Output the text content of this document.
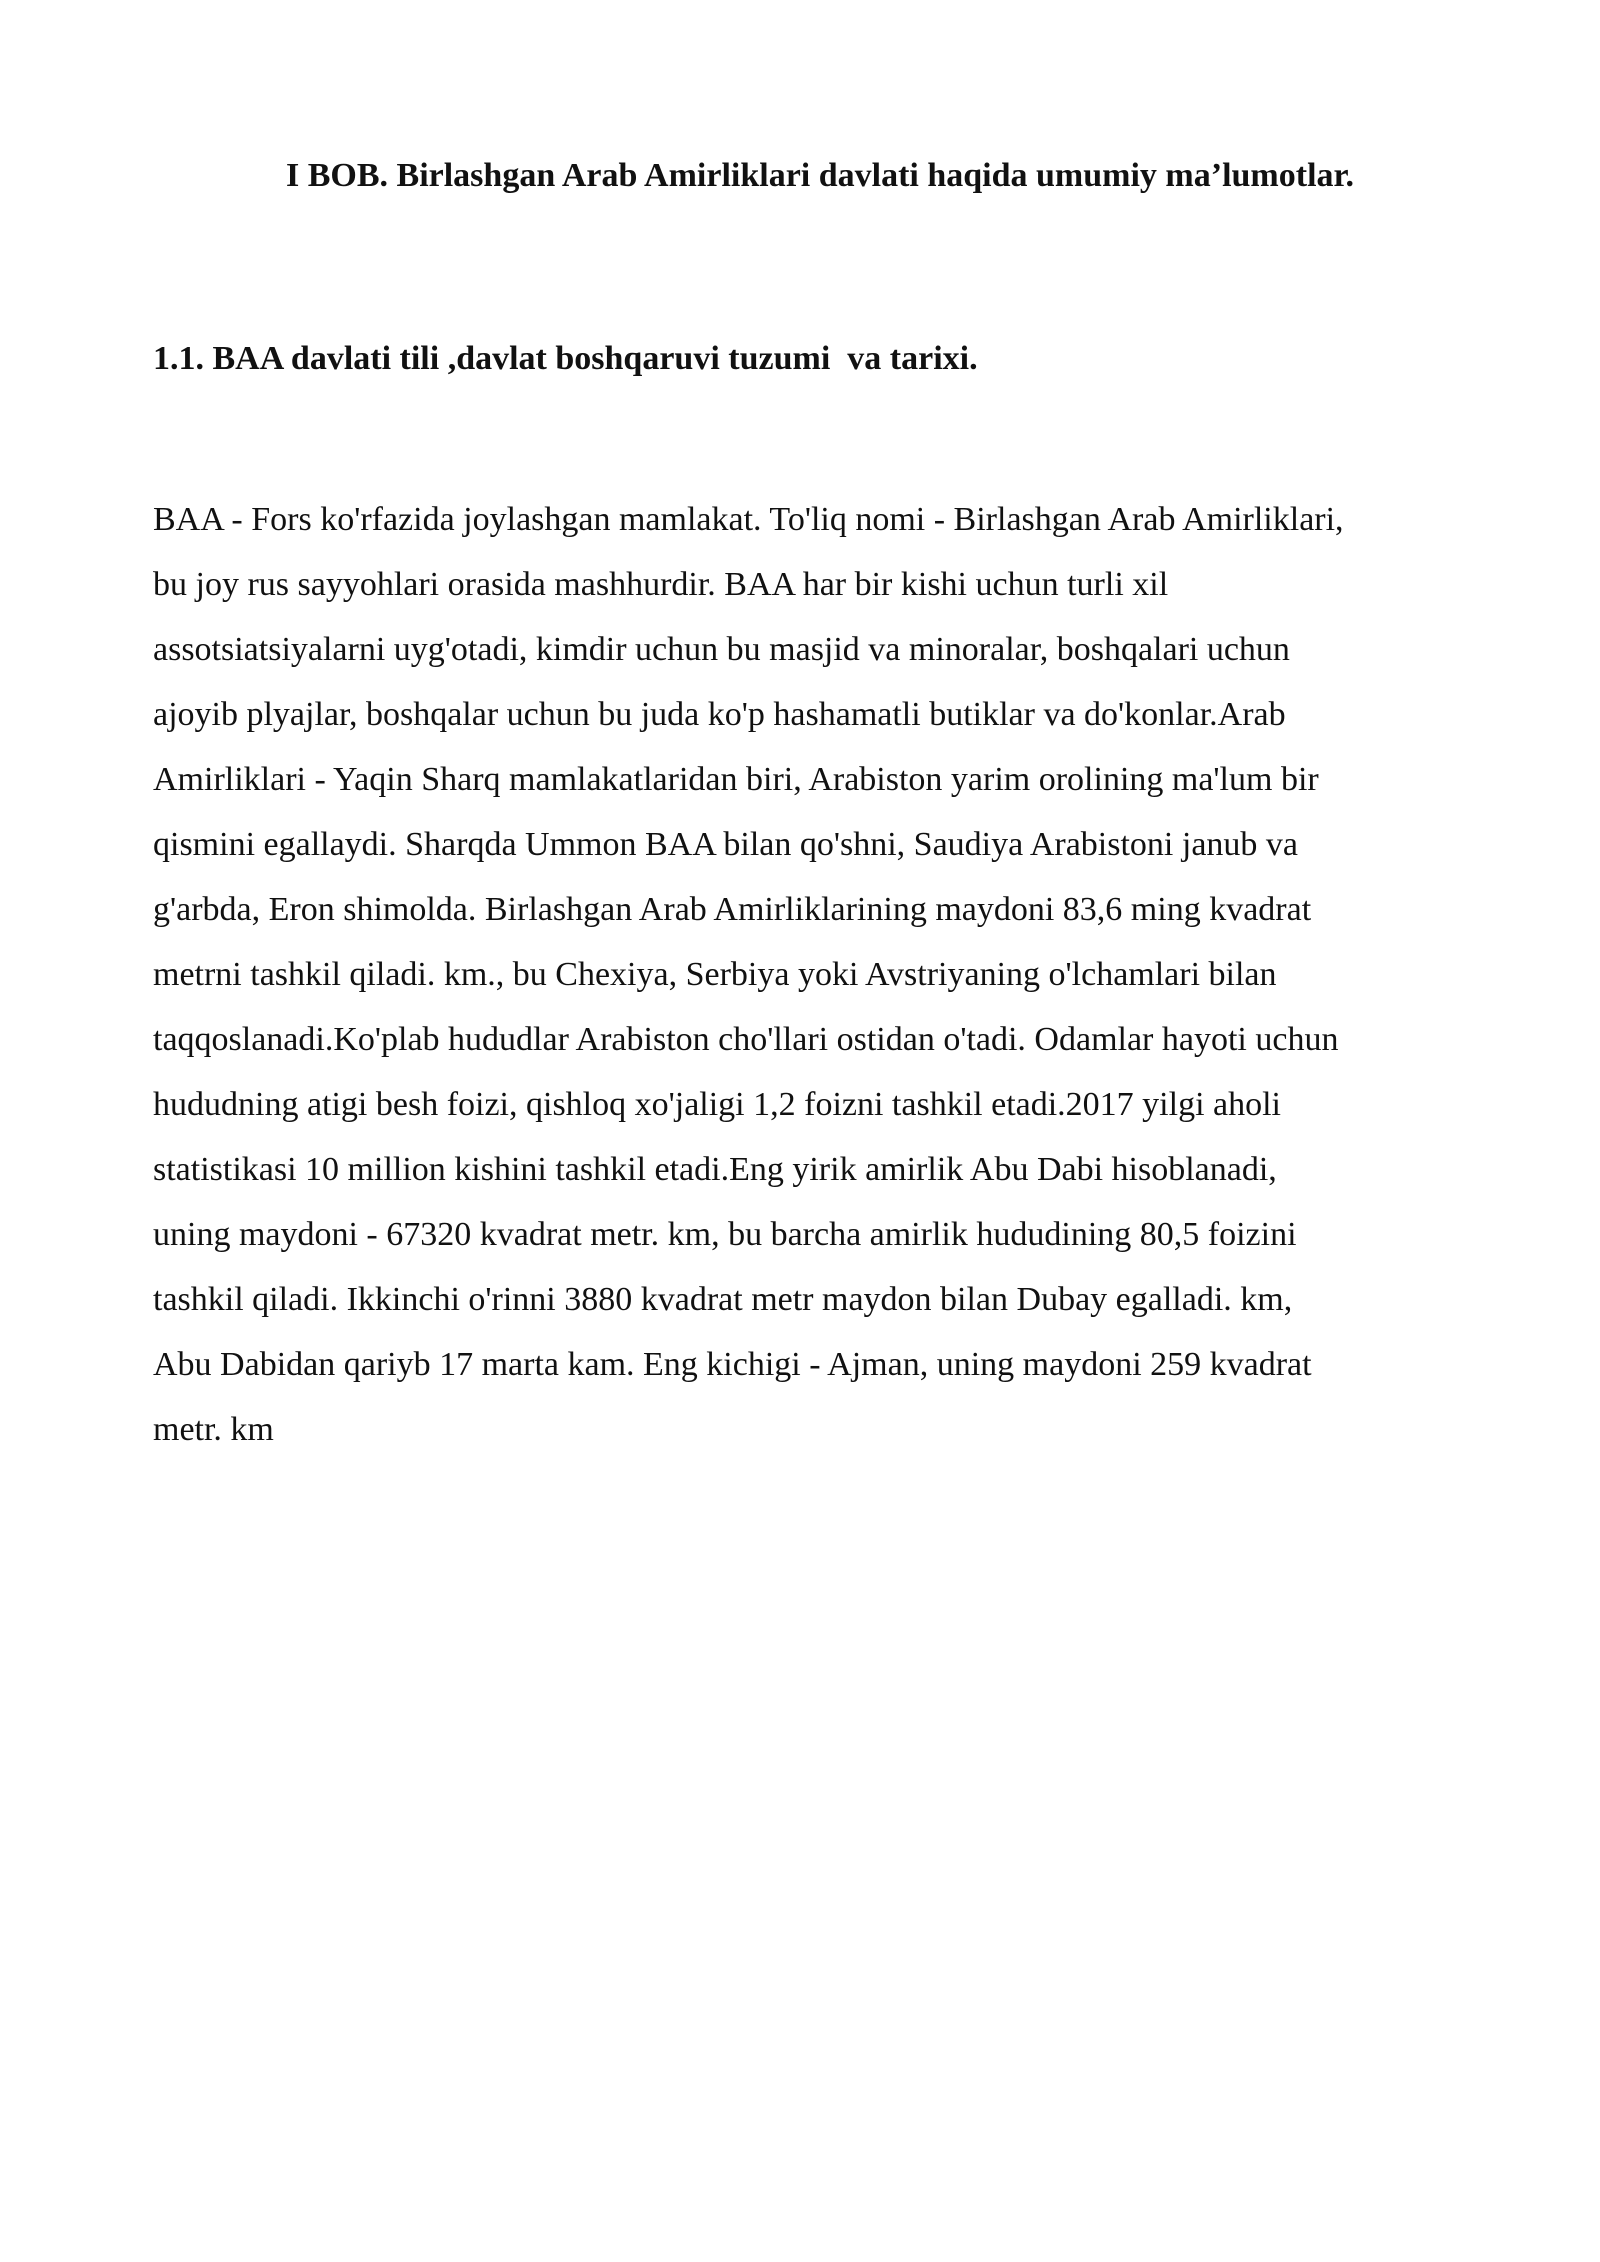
I BOB. Birlashgan Arab Amirliklari davlati haqida umumiy ma’lumotlar.
1.1. BAA davlati tili ,davlat boshqaruvi tuzumi  va tarixi.
BAA - Fors ko'rfazida joylashgan mamlakat. To'liq nomi - Birlashgan Arab Amirliklari,
bu joy rus sayyohlari orasida mashhurdir. BAA har bir kishi uchun turli xil
assotsiatsiyalarni uyg'otadi, kimdir uchun bu masjid va minoralar, boshqalari uchun
ajoyib plyajlar, boshqalar uchun bu juda ko'p hashamatli butiklar va do'konlar.Arab
Amirliklari - Yaqin Sharq mamlakatlaridan biri, Arabiston yarim orolining ma'lum bir
qismini egallaydi. Sharqda Ummon BAA bilan qo'shni, Saudiya Arabistoni janub va
g'arbda, Eron shimolda. Birlashgan Arab Amirliklarining maydoni 83,6 ming kvadrat
metrni tashkil qiladi. km., bu Chexiya, Serbiya yoki Avstriyaning o'lchamlari bilan
taqqoslanadi.Ko'plab hududlar Arabiston cho'llari ostidan o'tadi. Odamlar hayoti uchun
hududning atigi besh foizi, qishloq xo'jaligi 1,2 foizni tashkil etadi.2017 yilgi aholi
statistikasi 10 million kishini tashkil etadi.Eng yirik amirlik Abu Dabi hisoblanadi,
uning maydoni - 67320 kvadrat metr. km, bu barcha amirlik hududining 80,5 foizini
tashkil qiladi. Ikkinchi o'rinni 3880 kvadrat metr maydon bilan Dubay egalladi. km,
Abu Dabidan qariyb 17 marta kam. Eng kichigi - Ajman, uning maydoni 259 kvadrat
metr. km
